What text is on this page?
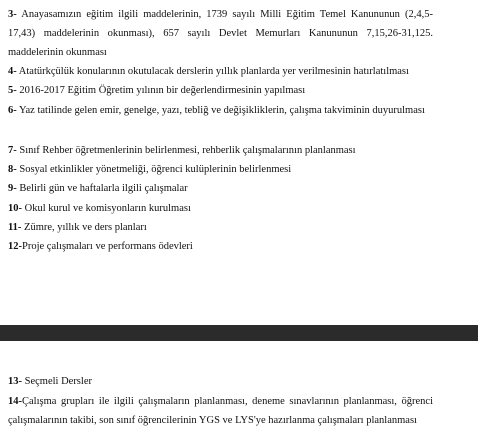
3- Anayasamızın eğitim ilgili maddelerinin, 1739 sayılı Milli Eğitim Temel Kanununun (2,4,5-17,43) maddelerinin okunması), 657 sayılı Devlet Memurları Kanununun 7,15,26-31,125. maddelerinin okunması
4- Atatürkçülük konularının okutulacak derslerin yıllık planlarda yer verilmesinin hatırlatılması
5- 2016-2017 Eğitim Öğretim yılının bir değerlendirmesinin yapılması
6- Yaz tatilinde gelen emir, genelge, yazı, tebliğ ve değişikliklerin, çalışma takviminin duyurulması
7- Sınıf Rehber öğretmenlerinin belirlenmesi, rehberlik çalışmalarının planlanması
8- Sosyal etkinlikler yönetmeliği, öğrenci kulüplerinin belirlenmesi
9- Belirli gün ve haftalarla ilgili çalışmalar
10- Okul kurul ve komisyonların kurulması
11- Zümre, yıllık ve ders planları
12-Proje çalışmaları ve performans ödevleri
13- Seçmeli Dersler
14-Çalışma grupları ile ilgili çalışmaların planlanması, deneme sınavlarının planlanması, öğrenci çalışmalarının takibi, son sınıf öğrencilerinin YGS ve LYS'ye hazırlanma çalışmaları planlanması
